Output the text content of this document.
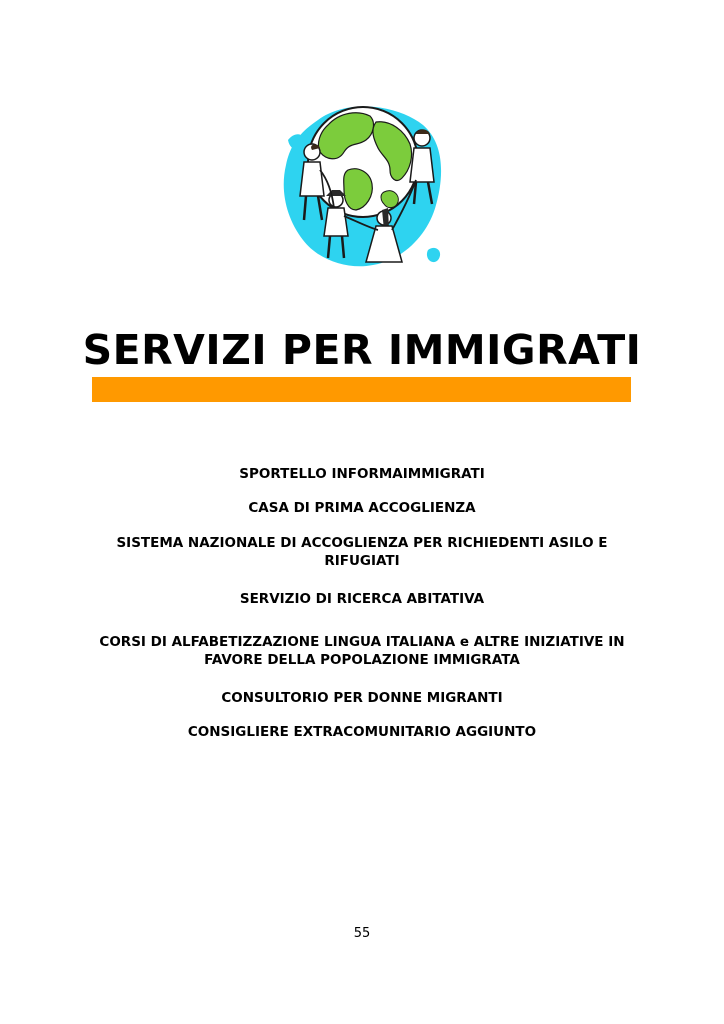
SERVIZI PER IMMIGRATI

SPORTELLO INFORMAIMMIGRATI

CASA DI PRIMA ACCOGLIENZA

SISTEMA NAZIONALE DI ACCOGLIENZA PER RICHIEDENTI ASILO E RIFUGIATI

SERVIZIO DI RICERCA ABITATIVA

CORSI DI ALFABETIZZAZIONE LINGUA ITALIANA e ALTRE INIZIATIVE IN FAVORE DELLA POPOLAZIONE IMMIGRATA

CONSULTORIO PER DONNE MIGRANTI

CONSIGLIERE EXTRACOMUNITARIO AGGIUNTO

55
